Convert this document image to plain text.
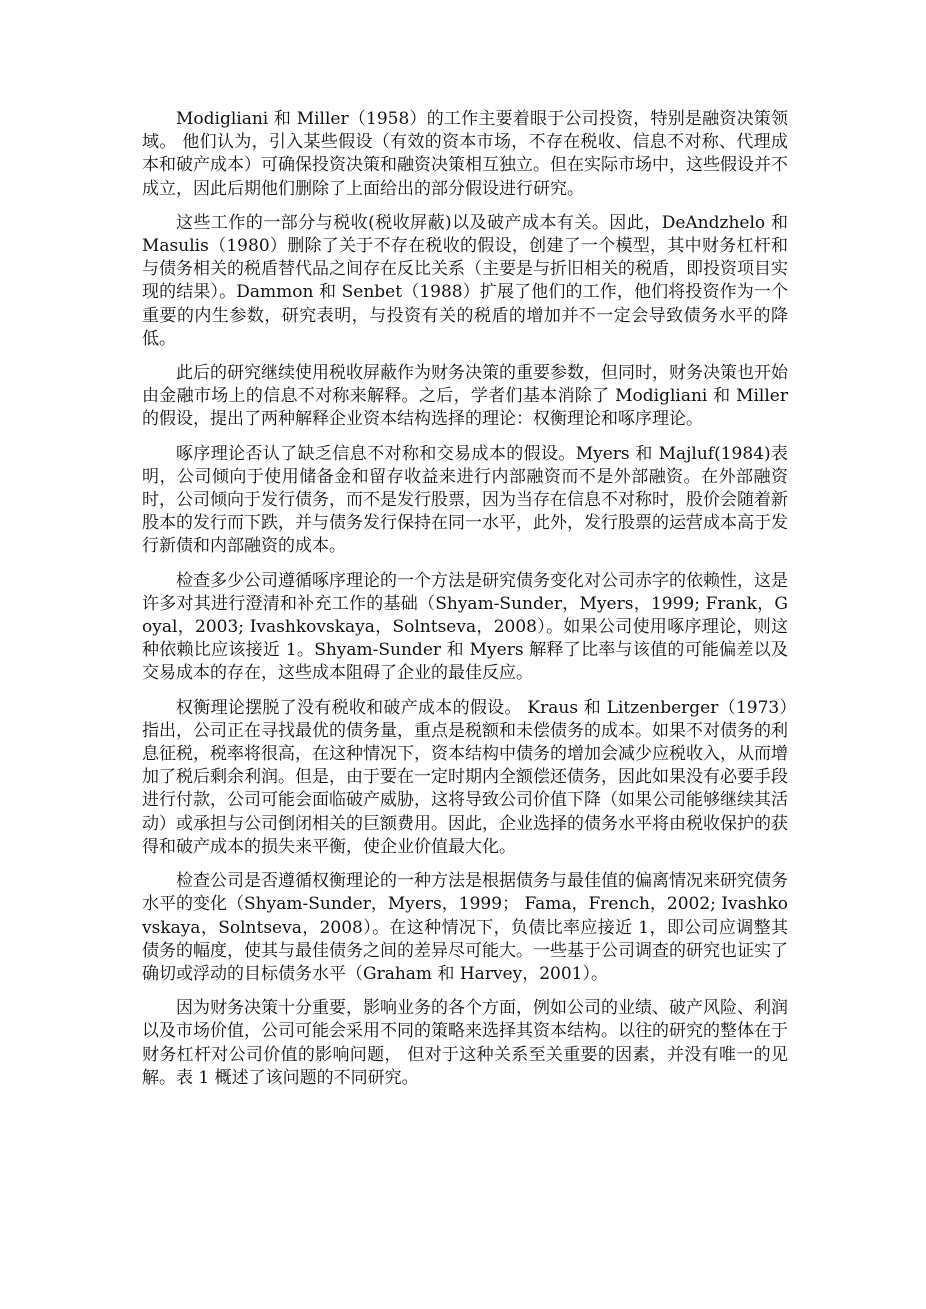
Modigliani 和 Miller（1958）的工作主要着眼于公司投资，特别是融资决策领域。 他们认为，引入某些假设（有效的资本市场，不存在税收、信息不对称、代理成本和破产成本）可确保投资决策和融资决策相互独立。但在实际市场中，这些假设并不成立，因此后期他们删除了上面给出的部分假设进行研究。

这些工作的一部分与税收(税收屏蔽)以及破产成本有关。因此，DeAndzhelo 和 Masulis（1980）删除了关于不存在税收的假设，创建了一个模型，其中财务杠杆和与债务相关的税盾替代品之间存在反比关系（主要是与折旧相关的税盾，即投资项目实现的结果）。Dammon 和 Senbet（1988）扩展了他们的工作，他们将投资作为一个重要的内生参数，研究表明，与投资有关的税盾的增加并不一定会导致债务水平的降低。

此后的研究继续使用税收屏蔽作为财务决策的重要参数，但同时，财务决策也开始由金融市场上的信息不对称来解释。之后，学者们基本消除了 Modigliani 和 Miller 的假设，提出了两种解释企业资本结构选择的理论：权衡理论和啄序理论。

啄序理论否认了缺乏信息不对称和交易成本的假设。Myers 和 Majluf(1984)表明，公司倾向于使用储备金和留存收益来进行内部融资而不是外部融资。在外部融资时，公司倾向于发行债务，而不是发行股票，因为当存在信息不对称时，股价会随着新股本的发行而下跌，并与债务发行保持在同一水平，此外，发行股票的运营成本高于发行新债和内部融资的成本。

检查多少公司遵循啄序理论的一个方法是研究债务变化对公司赤字的依赖性，这是许多对其进行澄清和补充工作的基础（Shyam-Sunder，Myers，1999; Frank，Goyal，2003; Ivashkovskaya，Solntseva，2008）。如果公司使用啄序理论，则这种依赖比应该接近 1。Shyam-Sunder 和 Myers 解释了比率与该值的可能偏差以及交易成本的存在，这些成本阻碍了企业的最佳反应。

权衡理论摆脱了没有税收和破产成本的假设。 Kraus 和 Litzenberger（1973）指出，公司正在寻找最优的债务量，重点是税额和未偿债务的成本。如果不对债务的利息征税，税率将很高，在这种情况下，资本结构中债务的增加会减少应税收入，从而增加了税后剩余利润。但是，由于要在一定时期内全额偿还债务，因此如果没有必要手段进行付款，公司可能会面临破产威胁，这将导致公司价值下降（如果公司能够继续其活动）或承担与公司倒闭相关的巨额费用。因此，企业选择的债务水平将由税收保护的获得和破产成本的损失来平衡，使企业价值最大化。

检查公司是否遵循权衡理论的一种方法是根据债务与最佳值的偏离情况来研究债务水平的变化（Shyam-Sunder，Myers，1999； Fama，French，2002; Ivashkovskaya，Solntseva，2008）。在这种情况下，负债比率应接近 1，即公司应调整其债务的幅度，使其与最佳债务之间的差异尽可能大。一些基于公司调查的研究也证实了确切或浮动的目标债务水平（Graham 和 Harvey，2001）。

因为财务决策十分重要，影响业务的各个方面，例如公司的业绩、破产风险、利润以及市场价值，公司可能会采用不同的策略来选择其资本结构。以往的研究的整体在于财务杠杆对公司价值的影响问题， 但对于这种关系至关重要的因素，并没有唯一的见解。表 1 概述了该问题的不同研究。
